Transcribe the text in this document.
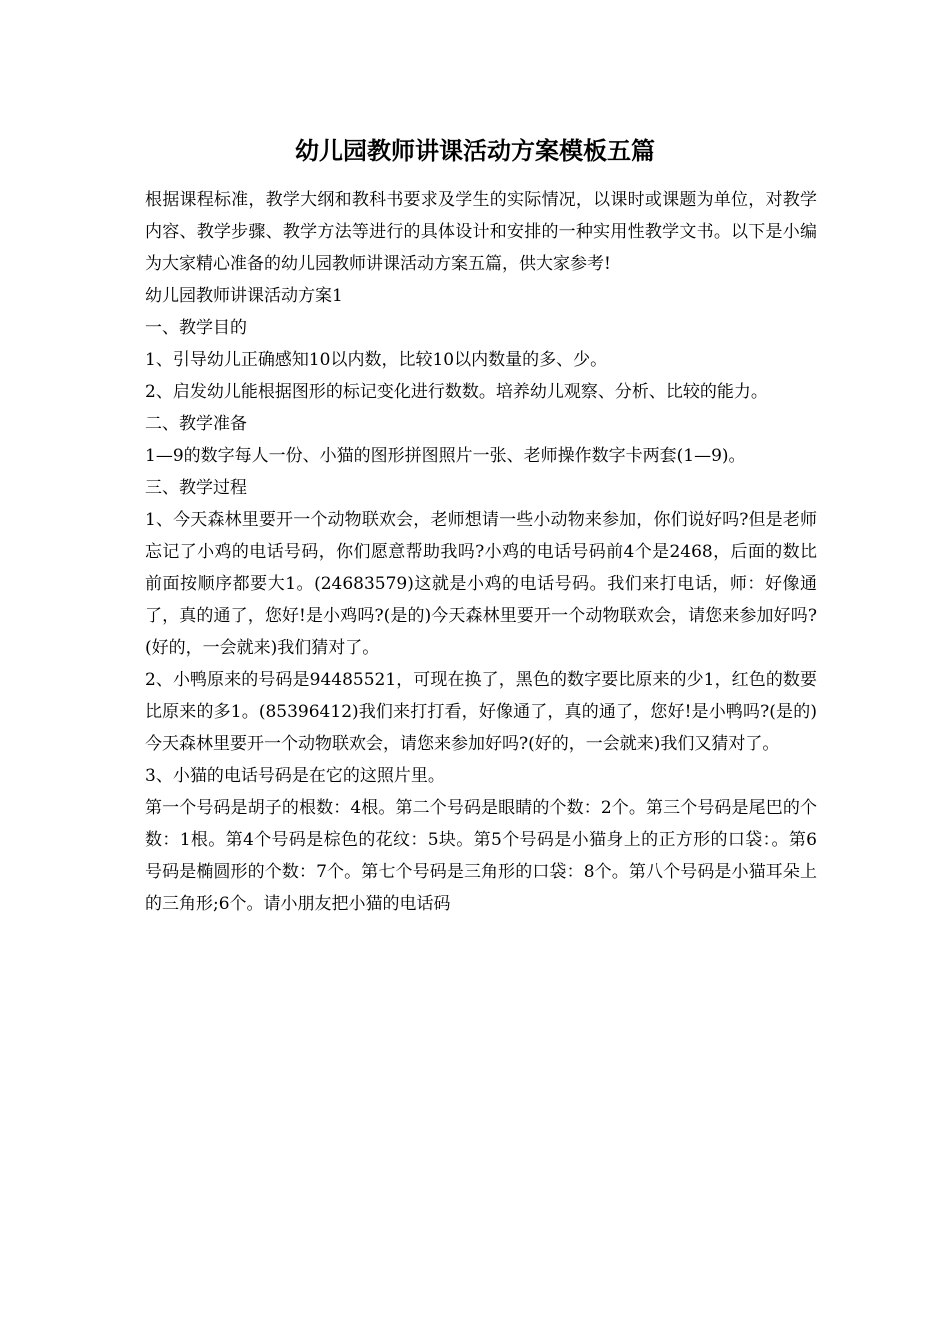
幼儿园教师讲课活动方案模板五篇

根据课程标准，教学大纲和教科书要求及学生的实际情况，以课时或课题为单位，对教学内容、教学步骤、教学方法等进行的具体设计和安排的一种实用性教学文书。以下是小编为大家精心准备的幼儿园教师讲课活动方案五篇，供大家参考!

幼儿园教师讲课活动方案1

一、教学目的

1、引导幼儿正确感知10以内数，比较10以内数量的多、少。

2、启发幼儿能根据图形的标记变化进行数数。培养幼儿观察、分析、比较的能力。

二、教学准备

1—9的数字每人一份、小猫的图形拼图照片一张、老师操作数字卡两套(1—9)。

三、教学过程

1、今天森林里要开一个动物联欢会，老师想请一些小动物来参加，你们说好吗?但是老师忘记了小鸡的电话号码，你们愿意帮助我吗?小鸡的电话号码前4个是2468，后面的数比前面按顺序都要大1。(24683579)这就是小鸡的电话号码。我们来打电话，师：好像通了，真的通了，您好!是小鸡吗?(是的)今天森林里要开一个动物联欢会，请您来参加好吗?(好的，一会就来)我们猜对了。

2、小鸭原来的号码是94485521，可现在换了，黑色的数字要比原来的少1，红色的数要比原来的多1。(85396412)我们来打打看，好像通了，真的通了，您好!是小鸭吗?(是的)今天森林里要开一个动物联欢会，请您来参加好吗?(好的，一会就来)我们又猜对了。

3、小猫的电话号码是在它的这照片里。

第一个号码是胡子的根数：4根。第二个号码是眼睛的个数：2个。第三个号码是尾巴的个数：1根。第4个号码是棕色的花纹：5块。第5个号码是小猫身上的正方形的口袋：。第6号码是椭圆形的个数：7个。第七个号码是三角形的口袋：8个。第八个号码是小猫耳朵上的三角形;6个。请小朋友把小猫的电话码
